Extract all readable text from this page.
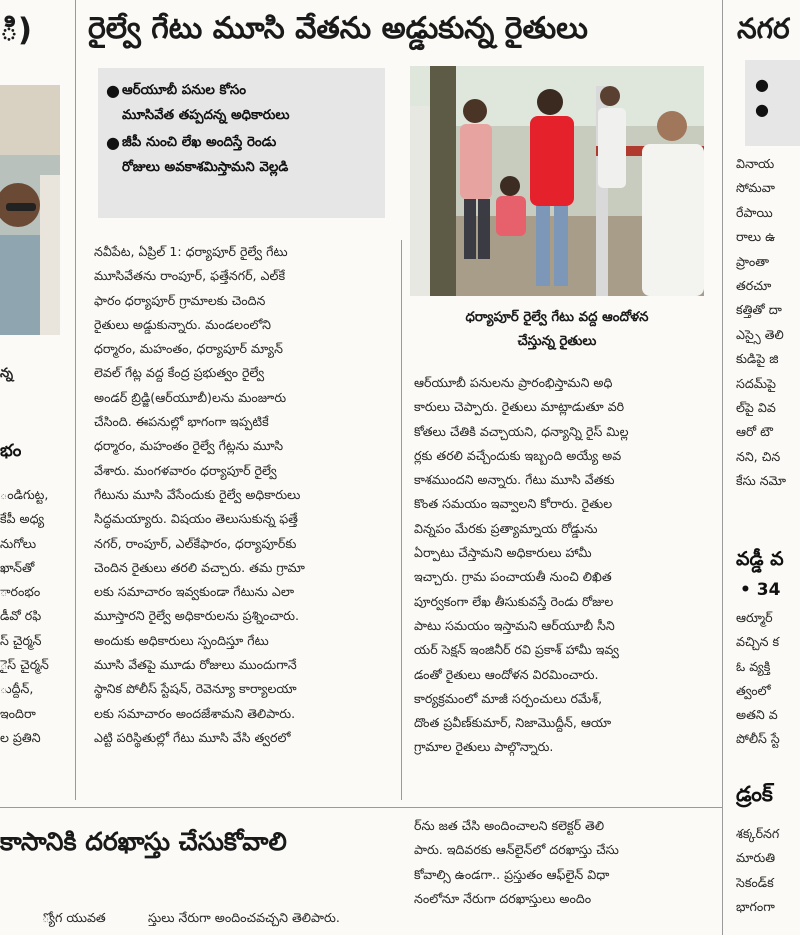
ి)
న్న
భం
ండిగుట్ట,
కేపీ అధ్య
నుగోలు
ఖాన్‌తో
ారంభం
డీవో రఫి
స్ చైర్మన్
ైస్ చైర్మన్
ుద్దీన్,
ఇందిరా
ల ప్రతిని
రైల్వే గేటు మూసి వేతను అడ్డుకున్న రైతులు
● ఆర్‌యూబీ పనుల కోసం
మూసివేత తప్పదన్న అధికారులు
● జీపీ నుంచి లేఖ అందిస్తే రెండు
రోజులు అవకాశమిస్తామని వెల్లడి
నవీపేట, ఏప్రిల్‌ 1: ధర్యాపూర్‌ రైల్వే గేటు
మూసివేతను రాంపూర్‌, ఫత్తేనగర్‌, ఎల్‌కే
ఫారం ధర్యాపూర్‌ గ్రామాలకు చెందిన
రైతులు అడ్డుకున్నారు. మండలంలోని
ధర్మారం, మహంతం, ధర్యాపూర్‌ మ్యాన్‌
లెవల్‌ గేట్ల వద్ద కేంద్ర ప్రభుత్వం రైల్వే
అండర్‌ బ్రిడ్జి(ఆర్‌యూబీ)లను మంజూరు
చేసింది. ఈపనుల్లో భాగంగా ఇప్పటికే
ధర్మారం, మహంతం రైల్వే గేట్లను మూసి
వేశారు. మంగళవారం ధర్యాపూర్‌ రైల్వే
గేటును మూసి వేసేందుకు రైల్వే అధికారులు
సిద్ధమయ్యారు. విషయం తెలుసుకున్న ఫత్తే
నగర్‌, రాంపూర్‌, ఎల్‌కేఫారం, ధర్యాపూర్‌కు
చెందిన రైతులు తరలి వచ్చారు. తమ గ్రామా
లకు సమాచారం ఇవ్వకుండా గేటును ఎలా
మూస్తారని రైల్వే అధికారులను ప్రశ్నించారు.
అందుకు అధికారులు స్పందిస్తూ గేటు
మూసి వేతపై మూడు రోజులు ముందుగానే
స్థానిక పోలీస్‌ స్టేషన్‌, రెవెన్యూ కార్యాలయా
లకు సమాచారం అందజేశామని తెలిపారు.
ఎట్టి పరిస్థితుల్లో గేటు మూసి వేసి త్వరలో
ధర్యాపూర్‌ రైల్వే గేటు వద్ద ఆందోళన
చేస్తున్న రైతులు
ఆర్‌యూబీ పనులను ప్రారంభిస్తామని అధి
కారులు చెప్పారు. రైతులు మాట్లాడుతూ వరి
కోతలు చేతికి వచ్చాయని, ధన్యాన్ని రైస్‌ మిల్ల
ర్లకు తరలి వచ్చేందుకు ఇబ్బంది అయ్యే అవ
కాశముందని అన్నారు. గేటు మూసి వేతకు
కొంత సమయం ఇవ్వాలని కోరారు. రైతుల
విన్నపం మేరకు ప్రత్యామ్నాయ రోడ్డును
ఏర్పాటు చేస్తామని అధికారులు హామీ
ఇచ్చారు. గ్రామ పంచాయతీ నుంచి లిఖిత
పూర్వకంగా లేఖ తీసుకువస్తే రెండు రోజుల
పాటు సమయం ఇస్తామని ఆర్‌యూబీ సీని
యర్‌ సెక్షన్‌ ఇంజినీర్‌ రవి ప్రకాశ్‌ హామీ ఇవ్వ
డంతో రైతులు ఆందోళన విరమించారు.
కార్యక్రమంలో మాజీ సర్పంచులు రమేశ్‌,
దొంత ప్రవీణ్‌కుమార్‌, నిజామొద్దీన్‌, ఆయా
గ్రామాల రైతులు పాల్గొన్నారు.
కాసానికి దరఖాస్తు చేసుకోవాలి
్యోగ యువత	స్తులు నేరుగా అందించవచ్చని తెలిపారు.
ర్‌ను జత చేసి అందించాలని కలెక్టర్‌ తెలి
పారు. ఇదివరకు ఆన్‌లైన్‌లో దరఖాస్తు చేసు
కోవాల్సి ఉండగా.. ప్రస్తుతం ఆఫ్‌లైన్‌ విధా
నంలోనూ నేరుగా దరఖాస్తులు అందిం
నగర
●
●
వినాయ
సోమవా
రేపాయి
రాలు ఉ
ప్రాంతా
తరచూ
కత్తితో దా
ఎస్సై తెలి
కుడిపై జి
సదమ్‌పై
ల్‌పై వివ
ఆరో టౌ
నని, చిన
కేసు నమో
వడ్డీ వ
• 34
ఆర్మూర్
వచ్చిన క
ఓ వ్యక్తి
త్వంలో
అతని వ
పోలీస్ స్టే
డ్రంక్
శక్కర్‌నగ
మారుతి
సెకండ్‌క
భాగంగా
